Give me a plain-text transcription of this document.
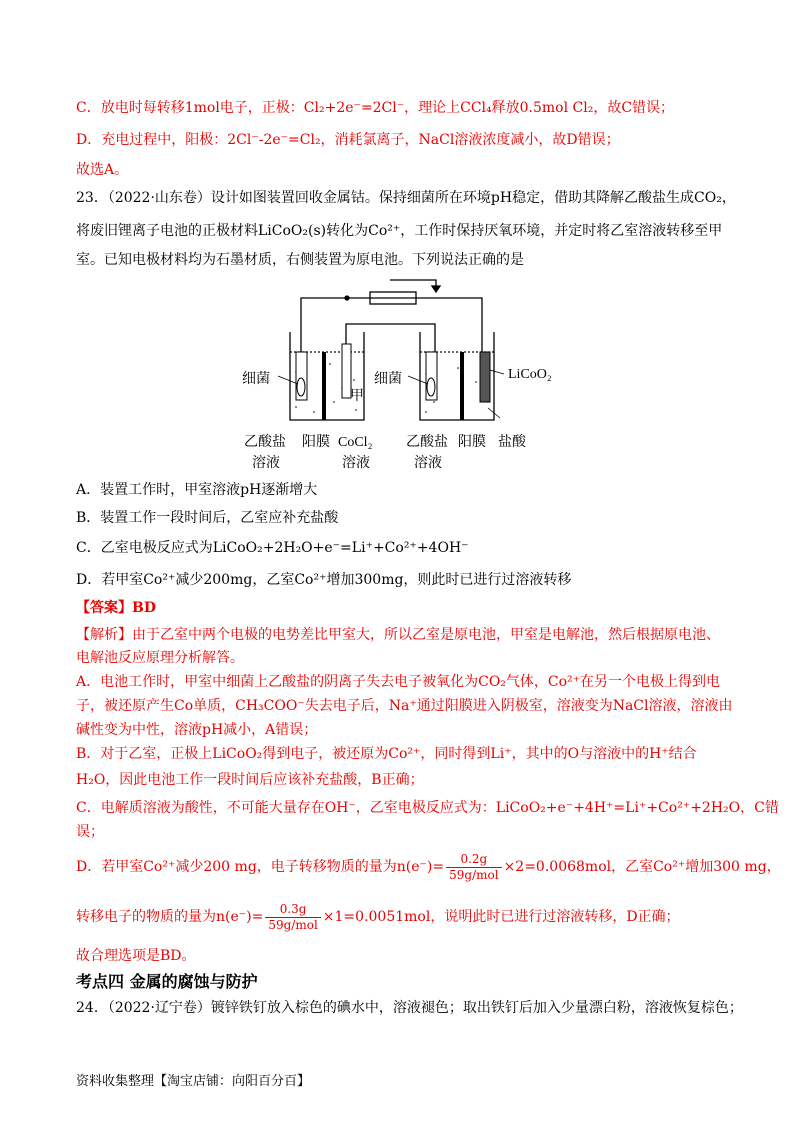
C．放电时每转移1mol电子，正极：Cl₂+2e⁻=2Cl⁻，理论上CCl₄释放0.5mol Cl₂，故C错误；
D．充电过程中，阳极：2Cl⁻-2e⁻=Cl₂，消耗氯离子，NaCl溶液浓度减小，故D错误；
故选A。
23．（2022·山东卷）设计如图装置回收金属钴。保持细菌所在环境pH稳定，借助其降解乙酸盐生成CO₂，
将废旧锂离子电池的正极材料LiCoO₂(s)转化为Co²⁺，工作时保持厌氧环境，并定时将乙室溶液转移至甲
室。已知电极材料均为石墨材质，右侧装置为原电池。下列说法正确的是
细菌	细菌
甲
LiCoO₂
乙酸盐
溶液
阳膜 CoCl₂
溶液
乙酸盐
溶液
阳膜 盐酸
A．装置工作时，甲室溶液pH逐渐增大
B．装置工作一段时间后，乙室应补充盐酸
C．乙室电极反应式为LiCoO₂+2H₂O+e⁻=Li⁺+Co²⁺+4OH⁻
D．若甲室Co²⁺减少200mg，乙室Co²⁺增加300mg，则此时已进行过溶液转移
【答案】BD
【解析】由于乙室中两个电极的电势差比甲室大，所以乙室是原电池，甲室是电解池，然后根据原电池、
电解池反应原理分析解答。
A．电池工作时，甲室中细菌上乙酸盐的阴离子失去电子被氧化为CO₂气体，Co²⁺在另一个电极上得到电
子，被还原产生Co单质，CH₃COO⁻失去电子后，Na⁺通过阳膜进入阴极室，溶液变为NaCl溶液，溶液由
碱性变为中性，溶液pH减小，A错误；
B．对于乙室，正极上LiCoO₂得到电子，被还原为Co²⁺，同时得到Li⁺，其中的O与溶液中的H⁺结合
H₂O，因此电池工作一段时间后应该补充盐酸，B正确；
C．电解质溶液为酸性，不可能大量存在OH⁻，乙室电极反应式为：LiCoO₂+e⁻+4H⁺=Li⁺+Co²⁺+2H₂O，C错
误；
D．若甲室Co²⁺减少200 mg，电子转移物质的量为$n(e^-)= \frac{0.2g}{\text{59g/mol}} \times 2=0.0068mol$，乙室Co²⁺增加300 mg，
转移电子的物质的量为$n(e^-)= \frac{0.3g}{\text{59g/mol}} \times 1=0.0051mol$，说明此时已进行过溶液转移，D正确；
故合理选项是BD。
考点四 金属的腐蚀与防护
24．（2022·辽宁卷）镀锌铁钉放入棕色的碘水中，溶液褪色；取出铁钉后加入少量漂白粉，溶液恢复棕色；
资料收集整理【淘宝店铺：向阳百分百】
